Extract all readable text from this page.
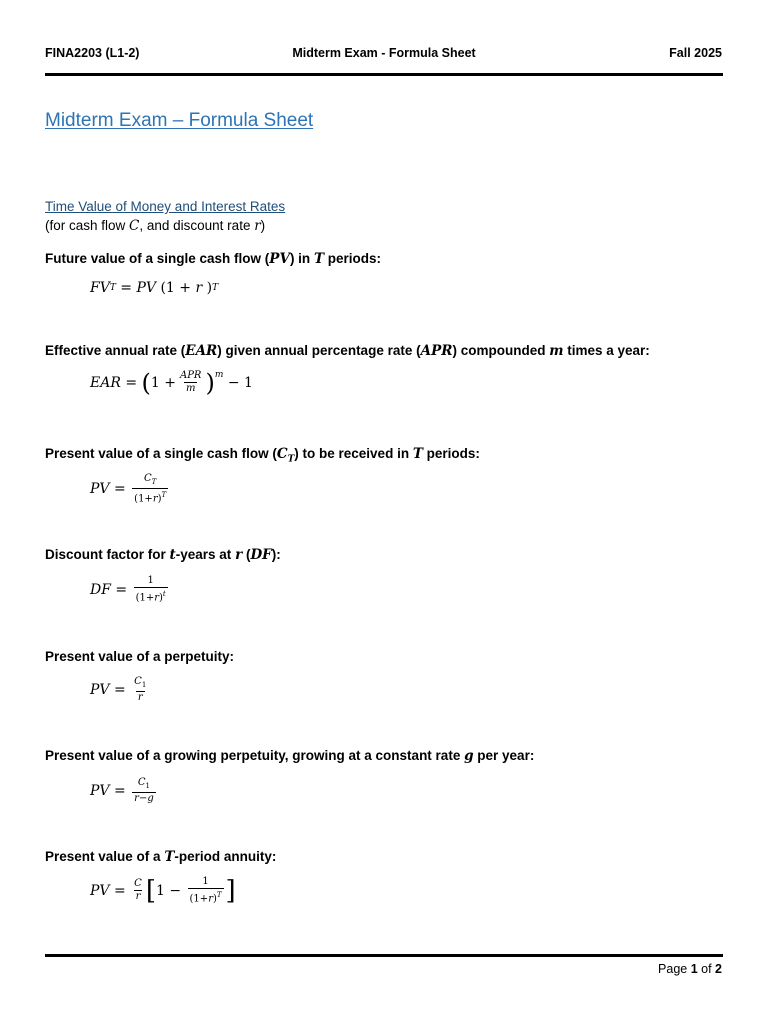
FINA2203 (L1-2)	Midterm Exam - Formula Sheet	Fall 2025
Midterm Exam – Formula Sheet
Time Value of Money and Interest Rates
(for cash flow C, and discount rate r)
Future value of a single cash flow (PV) in T periods:
FV T
= PV (1 + r ) T
Effective annual rate (EAR) given annual percentage rate (APR) compounded m times a year:
EAR = ( $1 + \frac{\text{APR}}{m} )^m$
− 1
Present value of a single cash flow $(C_T)$ to be received in T periods:
PV = $\frac{C_T}{(1+r)^T}$
Discount factor for t-years at r (DF):
DF = $\frac{1}{(1+r)^t}$
Present value of a perpetuity:
PV = $\frac{C_1}{r}$
Present value of a growing perpetuity, growing at a constant rate g per year:
PV = $\frac{C_1}{r-g}$
Present value of a T-period annuity:
PV = $\frac{C}{r}$ [ $1 - \frac{1}{(1+r)^T}$ ]
Page 1 of 2
